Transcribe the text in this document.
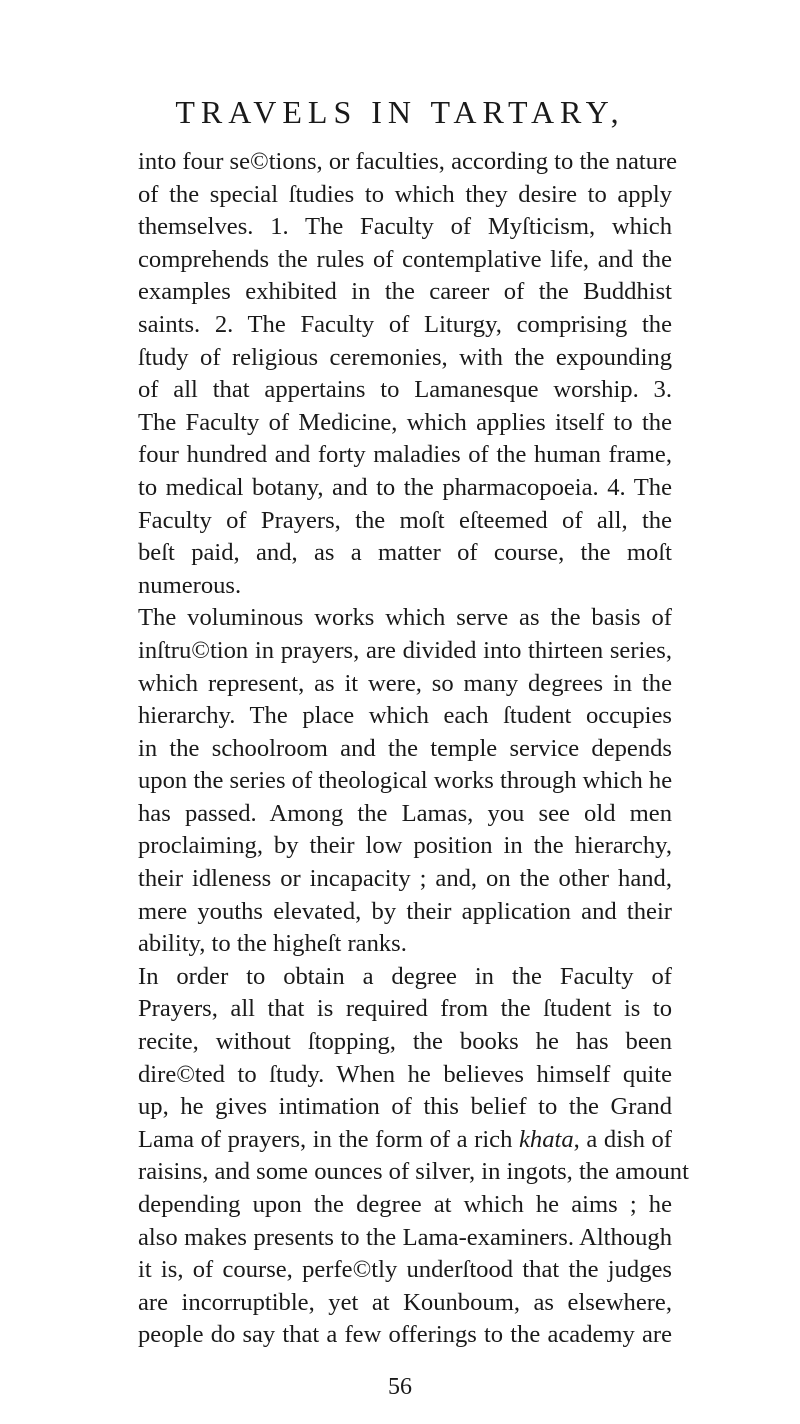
TRAVELS IN TARTARY,
into four se©tions, or faculties, according to the nature
of the special ſtudies to which they desire to apply
themselves. 1. The Faculty of Myſticism, which
comprehends the rules of contemplative life, and the
examples exhibited in the career of the Buddhist
saints. 2. The Faculty of Liturgy, comprising the
ſtudy of religious ceremonies, with the expounding
of all that appertains to Lamanesque worship. 3.
The Faculty of Medicine, which applies itself to the
four hundred and forty maladies of the human frame,
to medical botany, and to the pharmacopoeia. 4. The
Faculty of Prayers, the moſt eſteemed of all, the
beſt paid, and, as a matter of course, the moſt
numerous.
The voluminous works which serve as the basis of
inſtru©tion in prayers, are divided into thirteen series,
which represent, as it were, so many degrees in the
hierarchy. The place which each ſtudent occupies
in the schoolroom and the temple service depends
upon the series of theological works through which he
has passed. Among the Lamas, you see old men
proclaiming, by their low position in the hierarchy,
their idleness or incapacity ; and, on the other hand,
mere youths elevated, by their application and their
ability, to the higheſt ranks.
In order to obtain a degree in the Faculty of
Prayers, all that is required from the ſtudent is to
recite, without ſtopping, the books he has been
dire©ted to ſtudy. When he believes himself quite
up, he gives intimation of this belief to the Grand
Lama of prayers, in the form of a rich khata, a dish of
raisins, and some ounces of silver, in ingots, the amount
depending upon the degree at which he aims ; he
also makes presents to the Lama-examiners. Although
it is, of course, perfe©tly underſtood that the judges
are incorruptible, yet at Kounboum, as elsewhere,
people do say that a few offerings to the academy are
56
